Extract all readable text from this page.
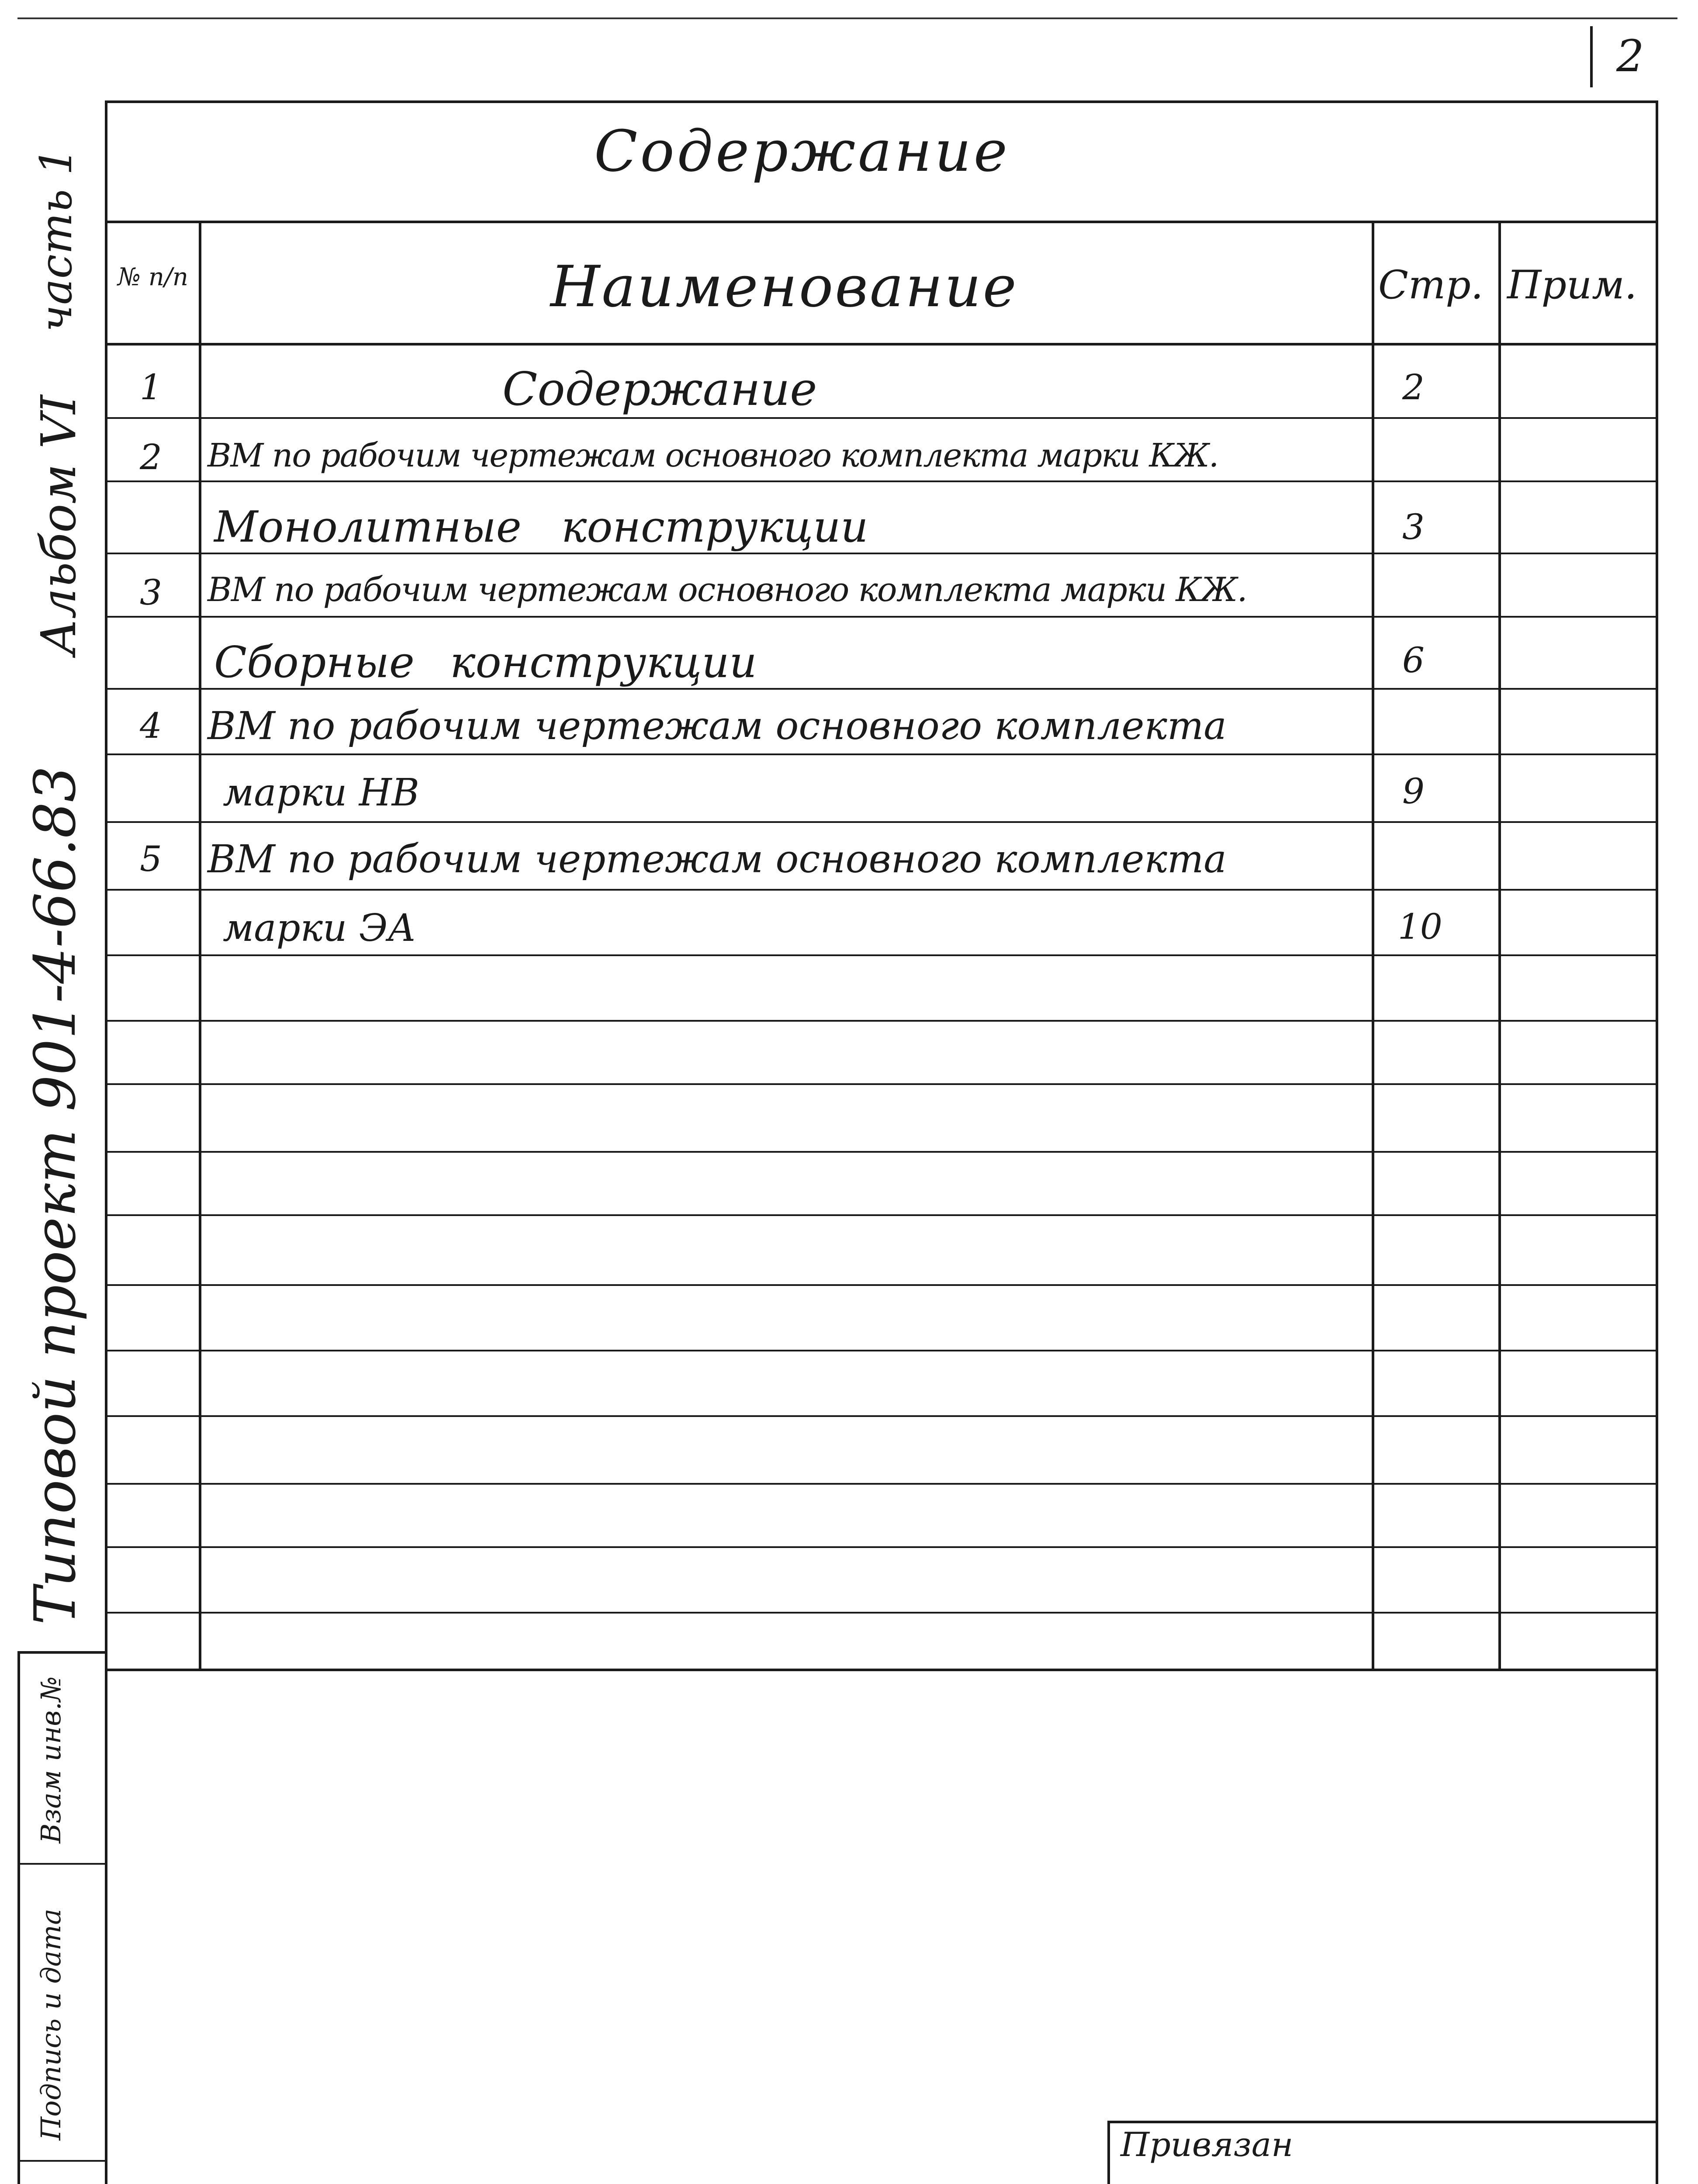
2
Содержание
№ п/п	Наименование	Стр. Прим.
1	Содержание	2
2 ВМ по рабочим чертежам основного комплекта марки КЖ.
Монолитные конструкции	3
3 ВМ по рабочим чертежам основного комплекта марки КЖ.
Сборные конструкции	6
4 ВМ по рабочим чертежам основного комплекта
марки НВ	9
5 ВМ по рабочим чертежам основного комплекта
марки ЭА	10
часть 1
Альбом VI
Типовой проект 901-4-66.83
Взам инв.№
Подпись и дата
Привязан
